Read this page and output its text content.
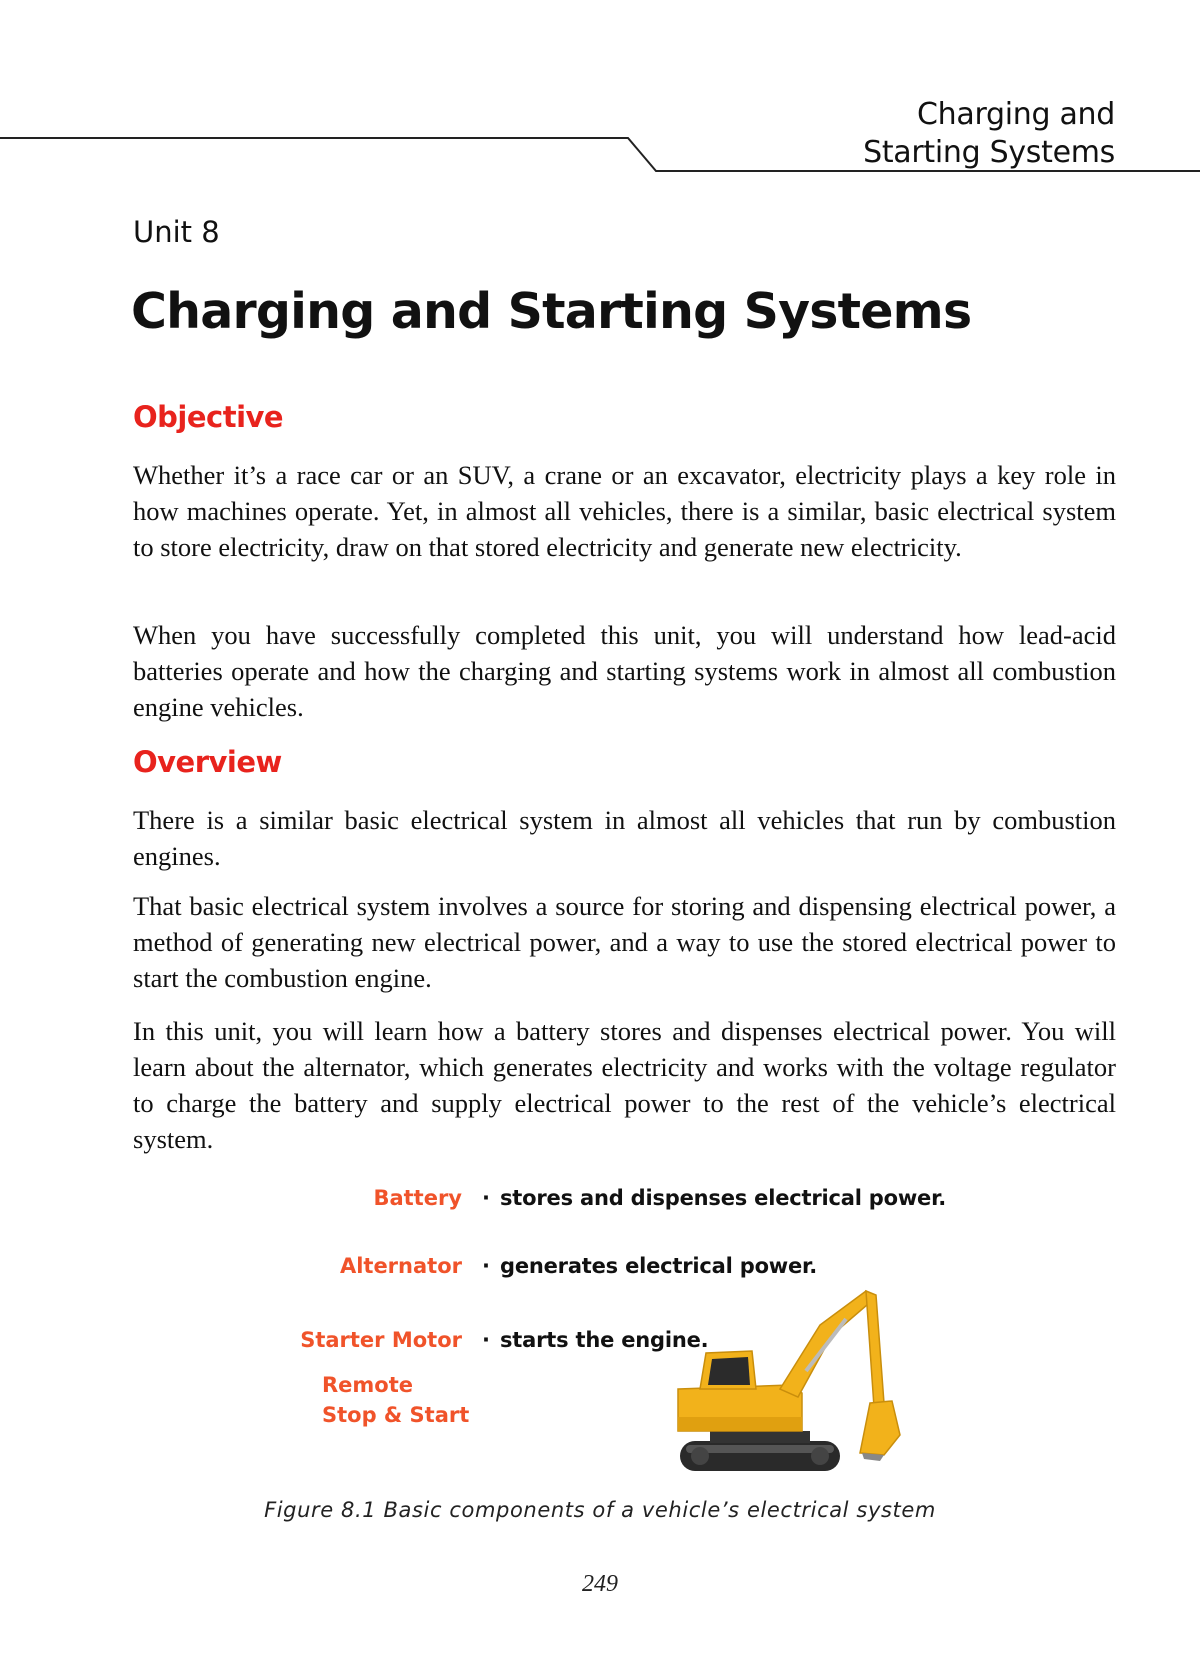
Charging and
Starting Systems
Unit 8
Charging and Starting Systems
Objective

Whether it’s a race car or an SUV, a crane or an excavator, electricity plays a key role in how machines operate. Yet, in almost all vehicles, there is a similar, basic electrical system to store electricity, draw on that stored electricity and generate new electricity.

When you have successfully completed this unit, you will understand how lead-acid batteries operate and how the charging and starting systems work in almost all combustion engine vehicles.

Overview

There is a similar basic electrical system in almost all vehicles that run by combustion engines.

That basic electrical system involves a source for storing and dispensing electrical power, a method of generating new electrical power, and a way to use the stored electrical power to start the combustion engine.

In this unit, you will learn how a battery stores and dispenses electrical power. You will learn about the alternator, which generates electricity and works with the voltage regulator to charge the battery and supply electrical power to the rest of the vehicle’s electrical system.

Battery · stores and dispenses electrical power.
Alternator · generates electrical power.
Starter Motor · starts the engine.
Remote
Stop & Start
Figure 8.1 Basic components of a vehicle’s electrical system
249
